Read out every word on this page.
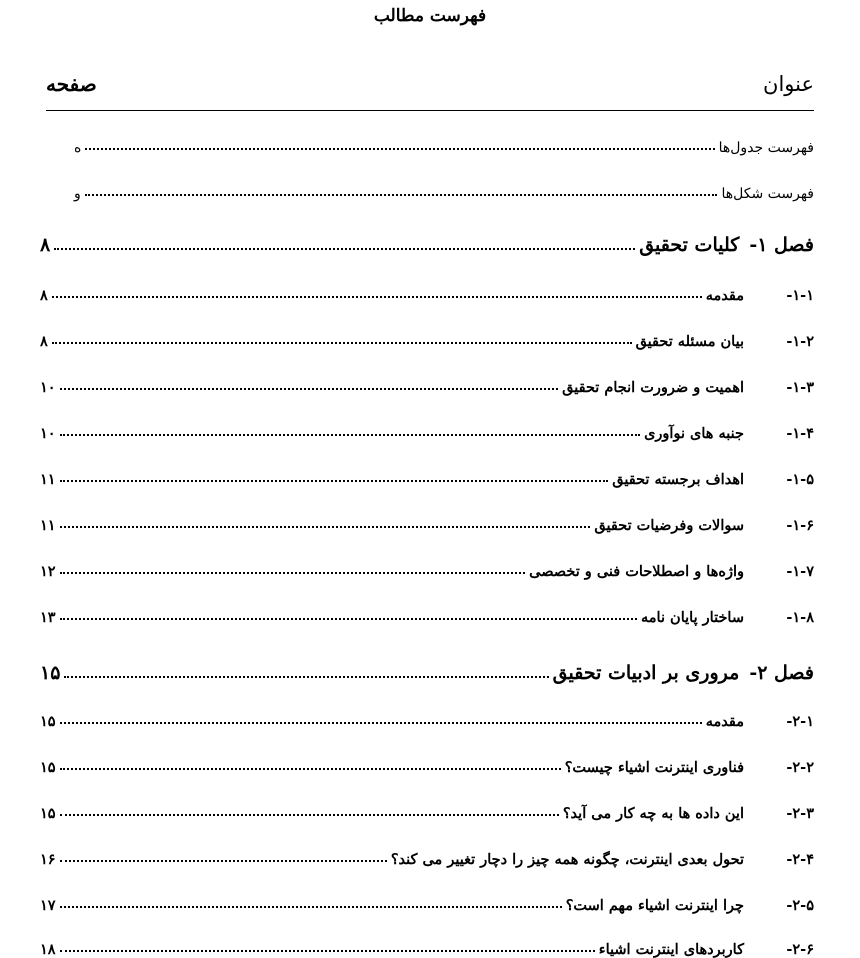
فهرست مطالب
عنوان
صفحه
فهرست جدول‌ها
ه
فهرست شکل‌ها
و
فصل ۱-
کلیات تحقیق
۸
۱-۱-
مقدمه
۸
۱-۲-
بیان مسئله تحقیق
۸
۱-۳-
اهمیت و ضرورت انجام تحقیق
۱۰
۱-۴-
جنبه های نوآوری
۱۰
۱-۵-
اهداف برجسته تحقیق
۱۱
۱-۶-
سوالات وفرضیات تحقیق
۱۱
۱-۷-
واژه‌ها و اصطلاحات فنی و تخصصی
۱۲
۱-۸-
ساختار پایان نامه
۱۳
فصل ۲-
مروری بر ادبیات تحقیق
۱۵
۲-۱-
مقدمه
۱۵
۲-۲-
فناوری اینترنت اشیاء چیست؟
۱۵
۲-۳-
این داده ها به چه کار می آید؟
۱۵
۲-۴-
تحول بعدی اینترنت، چگونه همه چیز را دچار تغییر می کند؟
۱۶
۲-۵-
چرا اینترنت اشیاء مهم است؟
۱۷
۲-۶-
کاربردهای اینترنت اشیاء
۱۸
